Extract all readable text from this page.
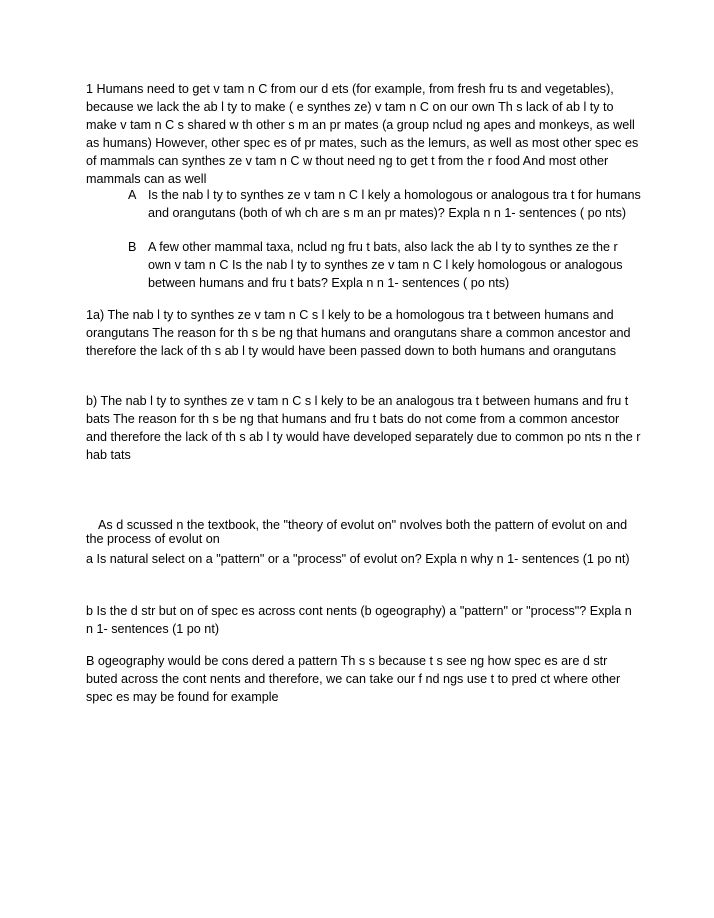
1 Humans need to get v tam n C from our d ets (for example, from fresh fru ts and vegetables), because we lack the ab l ty to make ( e synthes ze) v tam n C on our own Th s lack of ab l ty to make v tam n C s shared w th other s m an pr mates (a group nclud ng apes and monkeys, as well as humans) However, other spec es of pr mates, such as the lemurs, as well as most other spec es of mammals can synthes ze v tam n C w thout need ng to get t from the r food And most other mammals can as well

A Is the nab l ty to synthes ze v tam n C l kely a homologous or analogous tra t for humans and orangutans (both of wh ch are s m an pr mates)? Expla n n 1- sentences ( po nts)
B A few other mammal taxa, nclud ng fru t bats, also lack the ab l ty to synthes ze the r own v tam n C Is the nab l ty to synthes ze v tam n C l kely homologous or analogous between humans and fru t bats? Expla n n 1- sentences ( po nts)

1a) The nab l ty to synthes ze v tam n C s l kely to be a homologous tra t between humans and orangutans The reason for th s be ng that humans and orangutans share a common ancestor and therefore the lack of th s ab l ty would have been passed down to both humans and orangutans

b) The nab l ty to synthes ze v tam n C s l kely to be an analogous tra t between humans and fru t bats The reason for th s be ng that humans and fru t bats do not come from a common ancestor and therefore the lack of th s ab l ty would have developed separately due to common po nts n the r hab tats

As d scussed n the textbook, the "theory of evolut on" nvolves both the pattern of evolut on and the process of evolut on

a Is natural select on a "pattern" or a "process" of evolut on? Expla n why n 1- sentences (1 po nt)

b Is the d str but on of spec es across cont nents (b ogeography) a "pattern" or "process"? Expla n n 1- sentences (1 po nt)

B ogeography would be cons dered a pattern Th s s because t s see ng how spec es are d str buted across the cont nents and therefore, we can take our f nd ngs use t to pred ct where other spec es may be found for example
